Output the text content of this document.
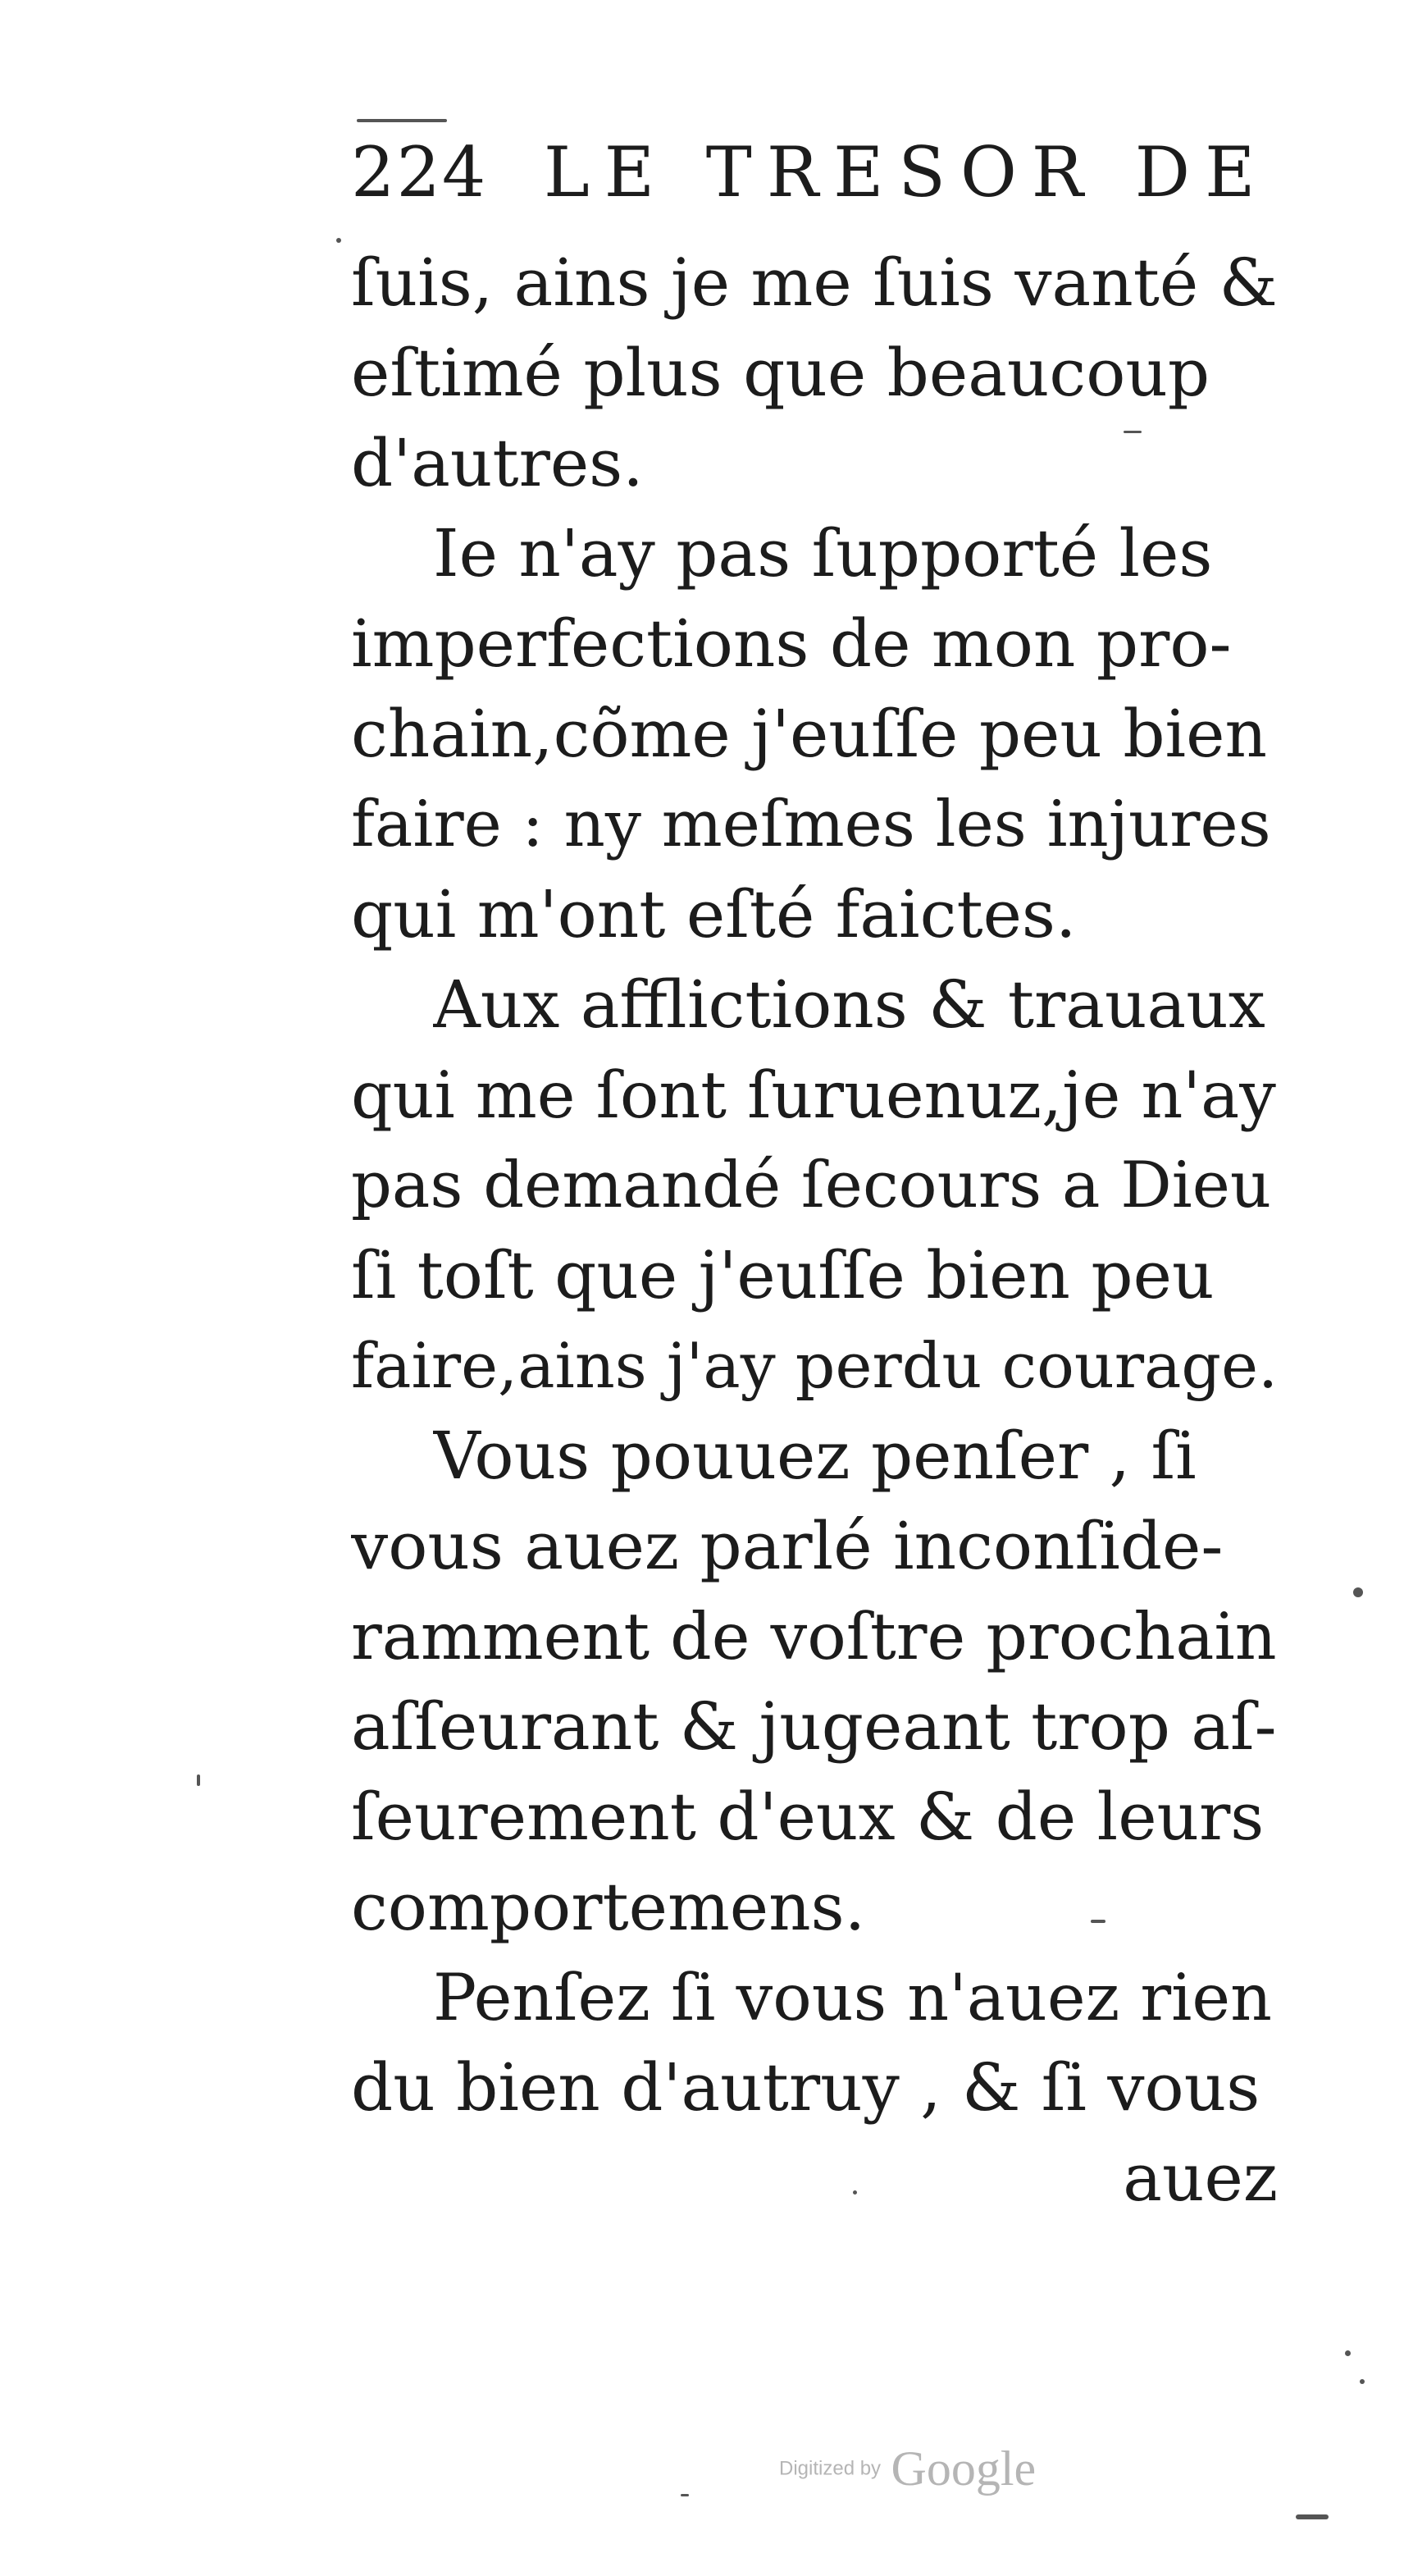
224 LE TRESOR DE
ſuis, ains je me ſuis vanté &
eſtimé plus que beaucoup
d'autres.
Ie n'ay pas ſupporté les
imperfections de mon pro-
chain,cõme j'euſſe peu bien
faire : ny meſmes les injures
qui m'ont eſté faictes.
Aux afflictions & trauaux
qui me ſont ſuruenuz,je n'ay
pas demandé ſecours a Dieu
ſi toſt que j'euſſe bien peu
faire,ains j'ay perdu courage.
Vous pouuez penſer , ſi
vous auez parlé inconſide-
ramment de voſtre prochain
aſſeurant & jugeant trop aſ-
ſeurement d'eux & de leurs
comportemens.
Penſez ſi vous n'auez rien
du bien d'autruy , & ſi vous
auez
Digitized by Google
